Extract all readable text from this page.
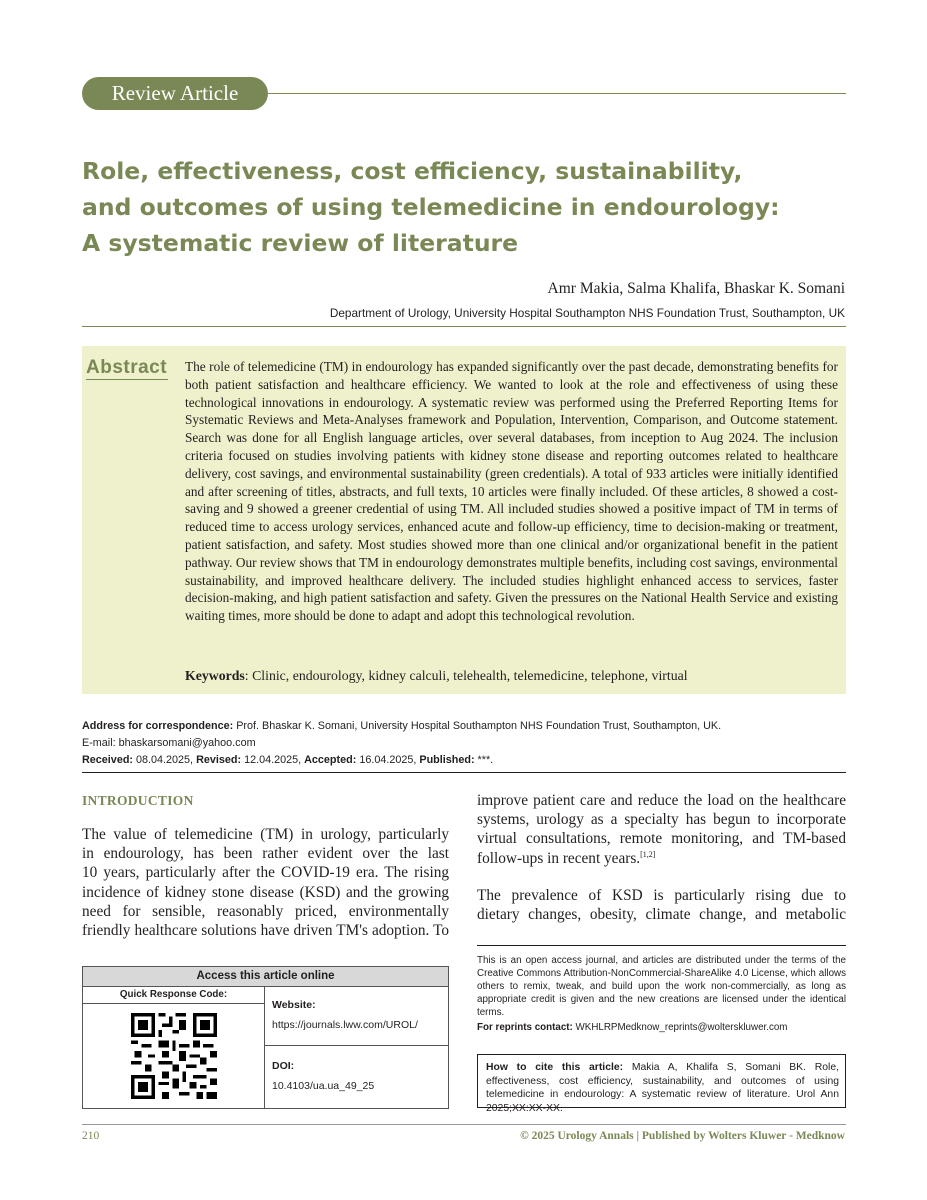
Review Article
Role, effectiveness, cost efficiency, sustainability,
and outcomes of using telemedicine in endourology:
A systematic review of literature
Amr Makia, Salma Khalifa, Bhaskar K. Somani
Department of Urology, University Hospital Southampton NHS Foundation Trust, Southampton, UK
Abstract The role of telemedicine (TM) in endourology has expanded significantly over the past decade, demonstrating benefits for both patient satisfaction and healthcare efficiency. We wanted to look at the role and effectiveness of using these technological innovations in endourology. A systematic review was performed using the Preferred Reporting Items for Systematic Reviews and Meta-Analyses framework and Population, Intervention, Comparison, and Outcome statement. Search was done for all English language articles, over several databases, from inception to Aug 2024. The inclusion criteria focused on studies involving patients with kidney stone disease and reporting outcomes related to healthcare delivery, cost savings, and environmental sustainability (green credentials). A total of 933 articles were initially identified and after screening of titles, abstracts, and full texts, 10 articles were finally included. Of these articles, 8 showed a cost-saving and 9 showed a greener credential of using TM. All included studies showed a positive impact of TM in terms of reduced time to access urology services, enhanced acute and follow-up efficiency, time to decision-making or treatment, patient satisfaction, and safety. Most studies showed more than one clinical and/or organizational benefit in the patient pathway. Our review shows that TM in endourology demonstrates multiple benefits, including cost savings, environmental sustainability, and improved healthcare delivery. The included studies highlight enhanced access to services, faster decision-making, and high patient satisfaction and safety. Given the pressures on the National Health Service and existing waiting times, more should be done to adapt and adopt this technological revolution.
Keywords: Clinic, endourology, kidney calculi, telehealth, telemedicine, telephone, virtual
Address for correspondence: Prof. Bhaskar K. Somani, University Hospital Southampton NHS Foundation Trust, Southampton, UK.
E-mail: bhaskarsomani@yahoo.com
Received: 08.04.2025, Revised: 12.04.2025, Accepted: 16.04.2025, Published: ***.
INTRODUCTION
The value of telemedicine (TM) in urology, particularly
in endourology, has been rather evident over the last
10 years, particularly after the COVID-19 era. The rising
incidence of kidney stone disease (KSD) and the growing
need for sensible, reasonably priced, environmentally
friendly healthcare solutions have driven TM's adoption. To
improve patient care and reduce the load on the healthcare
systems, urology as a specialty has begun to incorporate
virtual consultations, remote monitoring, and TM-based
follow-ups in recent years.[1,2]
The prevalence of KSD is particularly rising due to
dietary changes, obesity, climate change, and metabolic
This is an open access journal, and articles are distributed under the terms of the Creative Commons Attribution-NonCommercial-ShareAlike 4.0 License, which allows others to remix, tweak, and build upon the work non-commercially, as long as appropriate credit is given and the new creations are licensed under the identical terms.
For reprints contact: WKHLRPMedknow_reprints@wolterskluwer.com
How to cite this article: Makia A, Khalifa S, Somani BK. Role, effectiveness, cost efficiency, sustainability, and outcomes of using telemedicine in endourology: A systematic review of literature. Urol Ann 2025;XX:XX-XX.
Access this article online
Quick Response Code:
Website:
https://journals.lww.com/UROL/
DOI:
10.4103/ua.ua_49_25
210	© 2025 Urology Annals | Published by Wolters Kluwer - Medknow
